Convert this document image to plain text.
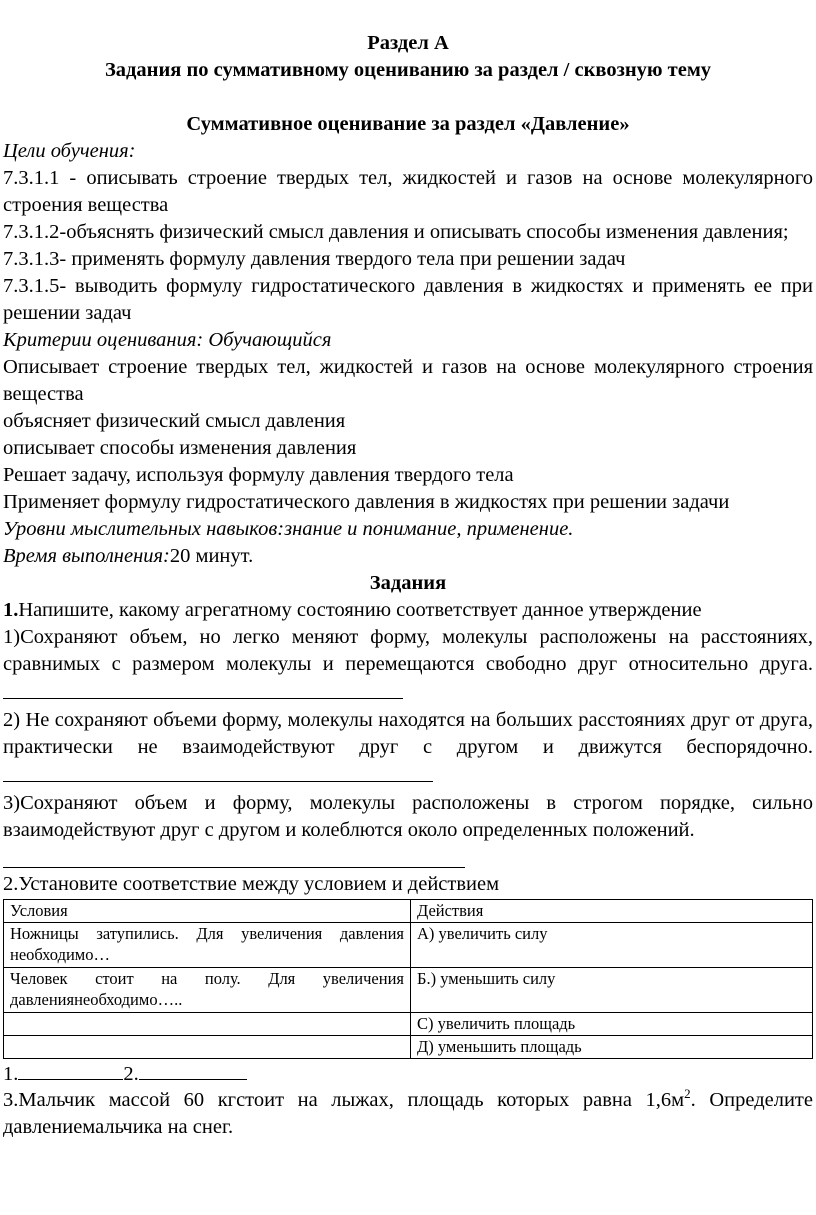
Раздел А
Задания по суммативному оцениванию за раздел / сквозную тему
Суммативное оценивание за раздел «Давление»

Цели обучения:

7.3.1.1 - описывать строение твердых тел, жидкостей и газов на основе молекулярного строения вещества

7.3.1.2-объяснять физический смысл давления и описывать способы изменения давления;

7.3.1.3- применять формулу давления твердого тела при решении задач

7.3.1.5- выводить формулу гидростатического давления в жидкостях и применять ее при решении задач

Критерии оценивания: Обучающийся

Описывает строение твердых тел, жидкостей и газов на основе молекулярного строения вещества

объясняет физический смысл давления

описывает способы изменения давления

Решает задачу, используя формулу давления твердого тела

Применяет формулу гидростатического давления в жидкостях при решении задачи

Уровни мыслительных навыков:знание и понимание, применение.

Время выполнения:20 минут.

Задания

1.Напишите, какому агрегатному состоянию соответствует данное утверждение

1)Сохраняют объем, но легко меняют форму, молекулы расположены на расстояниях, сравнимых с размером молекулы и перемещаются свободно друг относительно друга.

2) Не сохраняют объеми форму, молекулы находятся на больших расстояниях друг от друга, практически не взаимодействуют друг с другом и движутся беспорядочно.

3)Сохраняют объем и форму, молекулы расположены в строгом порядке, сильно взаимодействуют друг с другом и колеблются около определенных положений.

2.Установите соответствие между условием и действием

Условия	Действия
Ножницы затупились. Для увеличения давления необходимо…	А) увеличить силу
Человек стоит на полу. Для увеличения давлениянеобходимо…..	Б.) уменьшить силу
	С) увеличить площадь
	Д) уменьшить площадь

1.	2.

3.Мальчик массой 60 кгстоит на лыжах, площадь которых равна $1,6м^2$. Определите давлениемальчика на снег.
